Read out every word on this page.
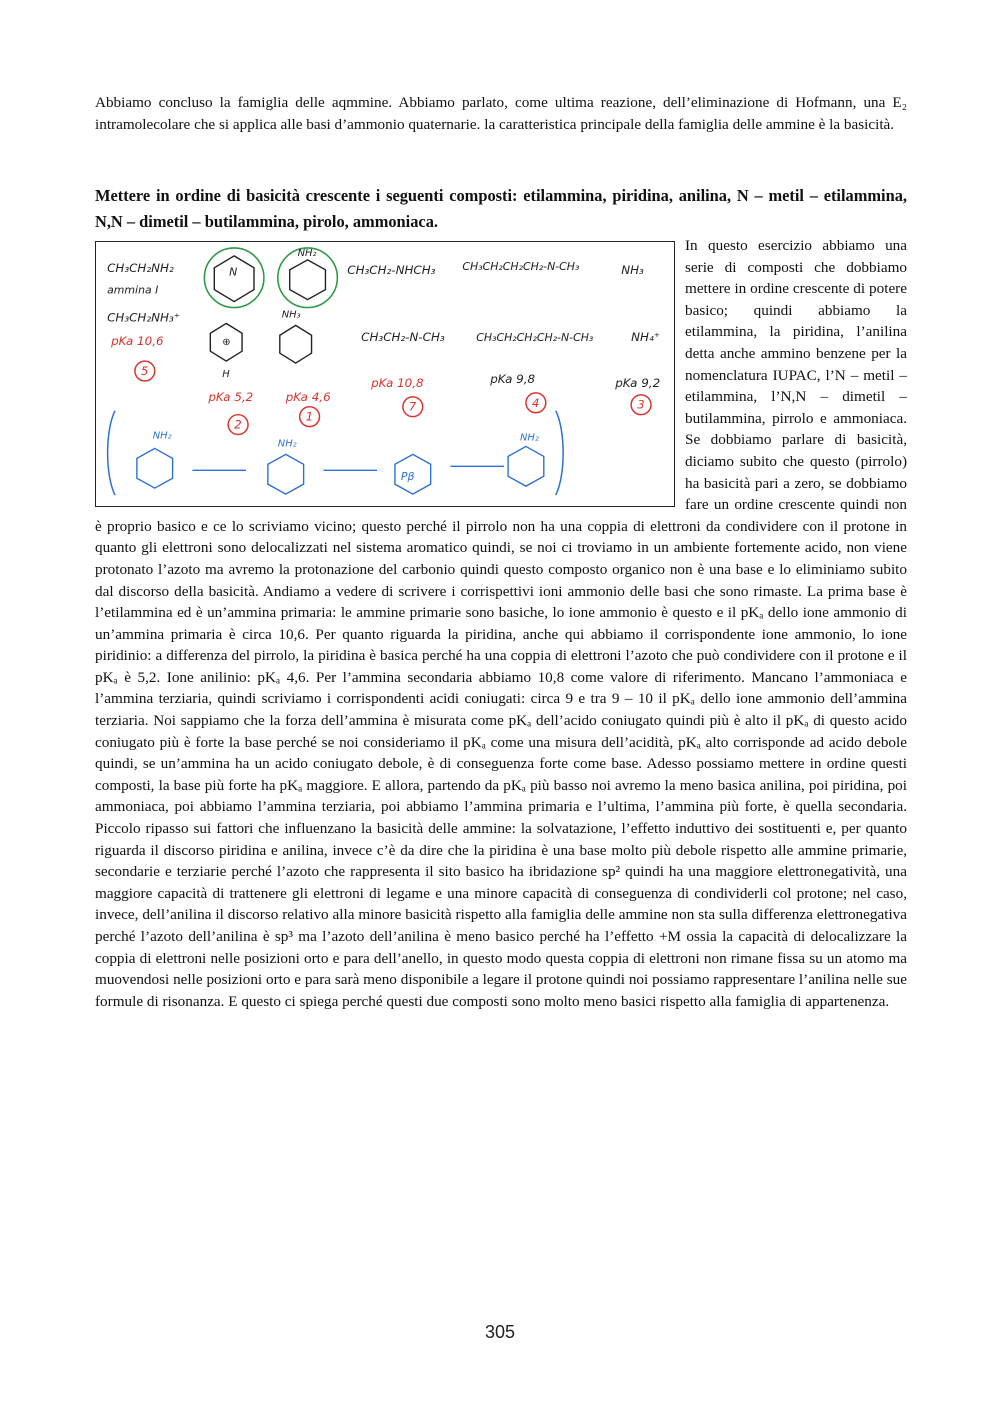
Abbiamo concluso la famiglia delle aqmmine. Abbiamo parlato, come ultima reazione, dell’eliminazione di Hofmann, una E₂ intramolecolare che si applica alle basi d’ammonio quaternarie. la caratteristica principale della famiglia delle ammine è la basicità.

Mettere in ordine di basicità crescente i seguenti composti: etilammina, piridina, anilina, N – metil – etilammina, N,N – dimetil – butilammina, pirolo, ammoniaca.

CH₃CH₂NH₂
ammina I
CH₃CH₂NH₃⁺
pKa 10,6
N
NH₂
CH₃CH₂-NHCH₃ CH₃CH₂CH₂CH₂-N-CH₃	NH₃
⊕
H
NH₃
CH₃CH₂-N-CH₃	CH₃CH₂CH₂CH₂-N-CH₃	NH₄⁺
pKa 5,2	pKa 4,6
pKa 10,8	pKa 9,8	pKa 9,2
5
2
1
7	4	3
NH₂
NH₂
Pβ
NH₂
In questo esercizio abbiamo una serie di composti che dobbiamo mettere in ordine crescente di potere basico; quindi abbiamo la etilammina, la piridina, l’anilina detta anche ammino benzene per la nomenclatura IUPAC, l’N – metil – etilammina, l’N,N – dimetil – butilammina, pirrolo e ammoniaca. Se dobbiamo parlare di basicità, diciamo subito che questo (pirrolo) ha basicità pari a zero, se dobbiamo fare un ordine crescente quindi non è proprio basico e ce lo scriviamo vicino; questo perché il pirrolo non ha una coppia di elettroni da condividere con il protone in quanto gli elettroni sono delocalizzati nel sistema aromatico quindi, se noi ci troviamo in un ambiente fortemente acido, non viene protonato l’azoto ma avremo la protonazione del carbonio quindi questo composto organico non è una base e lo eliminiamo subito dal discorso della basicità. Andiamo a vedere di scrivere i corrispettivi ioni ammonio delle basi che sono rimaste. La prima base è l’etilammina ed è un’ammina primaria: le ammine primarie sono basiche, lo ione ammonio è questo e il pKₐ dello ione ammonio di un’ammina primaria è circa 10,6. Per quanto riguarda la piridina, anche qui abbiamo il corrispondente ione ammonio, lo ione piridinio: a differenza del pirrolo, la piridina è basica perché ha una coppia di elettroni l’azoto che può condividere con il protone e il pKₐ è 5,2. Ione anilinio: pKₐ 4,6. Per l’ammina secondaria abbiamo 10,8 come valore di riferimento. Mancano l’ammoniaca e l’ammina terziaria, quindi scriviamo i corrispondenti acidi coniugati: circa 9 e tra 9 – 10 il pKₐ dello ione ammonio dell’ammina terziaria. Noi sappiamo che la forza dell’ammina è misurata come pKₐ dell’acido coniugato quindi più è alto il pKₐ di questo acido coniugato più è forte la base perché se noi consideriamo il pKₐ come una misura dell’acidità, pKₐ alto corrisponde ad acido debole quindi, se un’ammina ha un acido coniugato debole, è di conseguenza forte come base. Adesso possiamo mettere in ordine questi composti, la base più forte ha pKₐ maggiore. E allora, partendo da pKₐ più basso noi avremo la meno basica anilina, poi piridina, poi ammoniaca, poi abbiamo l’ammina terziaria, poi abbiamo l’ammina primaria e l’ultima, l’ammina più forte, è quella secondaria. Piccolo ripasso sui fattori che influenzano la basicità delle ammine: la solvatazione, l’effetto induttivo dei sostituenti e, per quanto riguarda il discorso piridina e anilina, invece c’è da dire che la piridina è una base molto più debole rispetto alle ammine primarie, secondarie e terziarie perché l’azoto che rappresenta il sito basico ha ibridazione sp² quindi ha una maggiore elettronegatività, una maggiore capacità di trattenere gli elettroni di legame e una minore capacità di conseguenza di condividerli col protone; nel caso, invece, dell’anilina il discorso relativo alla minore basicità rispetto alla famiglia delle ammine non sta sulla differenza elettronegativa perché l’azoto dell’anilina è sp³ ma l’azoto dell’anilina è meno basico perché ha l’effetto +M ossia la capacità di delocalizzare la coppia di elettroni nelle posizioni orto e para dell’anello, in questo modo questa coppia di elettroni non rimane fissa su un atomo ma muovendosi nelle posizioni orto e para sarà meno disponibile a legare il protone quindi noi possiamo rappresentare l’anilina nelle sue formule di risonanza. E questo ci spiega perché questi due composti sono molto meno basici rispetto alla famiglia di appartenenza.
305
